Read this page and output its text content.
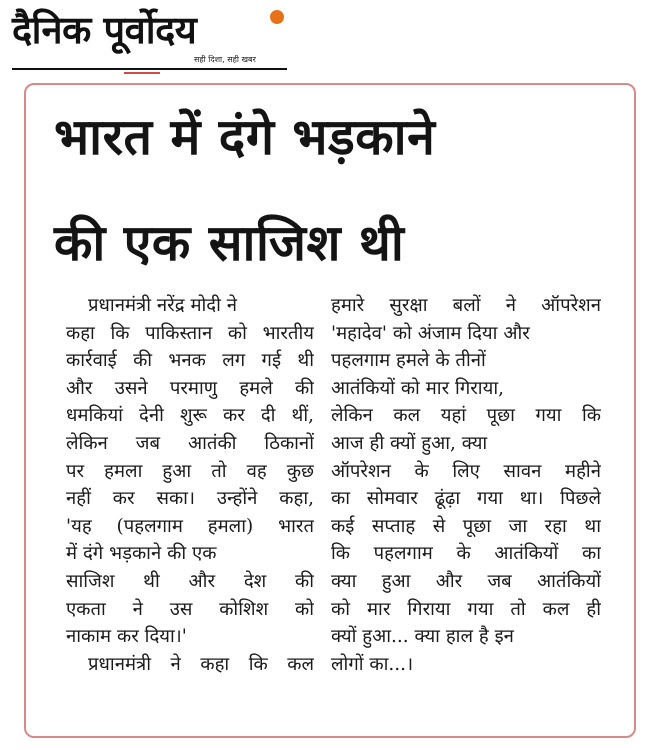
दैनिक पूर्वोदय
सही दिशा, सही खबर
भारत में दंगे भड़काने
की एक साजिश थी
प्रधानमंत्री नरेंद्र मोदी ने
कहा कि पाकिस्तान को भारतीय
कार्रवाई की भनक लग गई थी
और उसने परमाणु हमले की
धमकियां देनी शुरू कर दी थीं,
लेकिन जब आतंकी ठिकानों
पर हमला हुआ तो वह कुछ
नहीं कर सका। उन्होंने कहा,
'यह (पहलगाम हमला) भारत
में दंगे भड़काने की एक
साजिश थी और देश की
एकता ने उस कोशिश को
नाकाम कर दिया।'
प्रधानमंत्री ने कहा कि कल
हमारे सुरक्षा बलों ने ऑपरेशन
'महादेव' को अंजाम दिया और
पहलगाम हमले के तीनों
आतंकियों को मार गिराया,
लेकिन कल यहां पूछा गया कि
आज ही क्यों हुआ, क्या
ऑपरेशन के लिए सावन महीने
का सोमवार ढूंढ़ा गया था। पिछले
कई सप्ताह से पूछा जा रहा था
कि पहलगाम के आतंकियों का
क्या हुआ और जब आतंकियों
को मार गिराया गया तो कल ही
क्यों हुआ... क्या हाल है इन
लोगों का...।
